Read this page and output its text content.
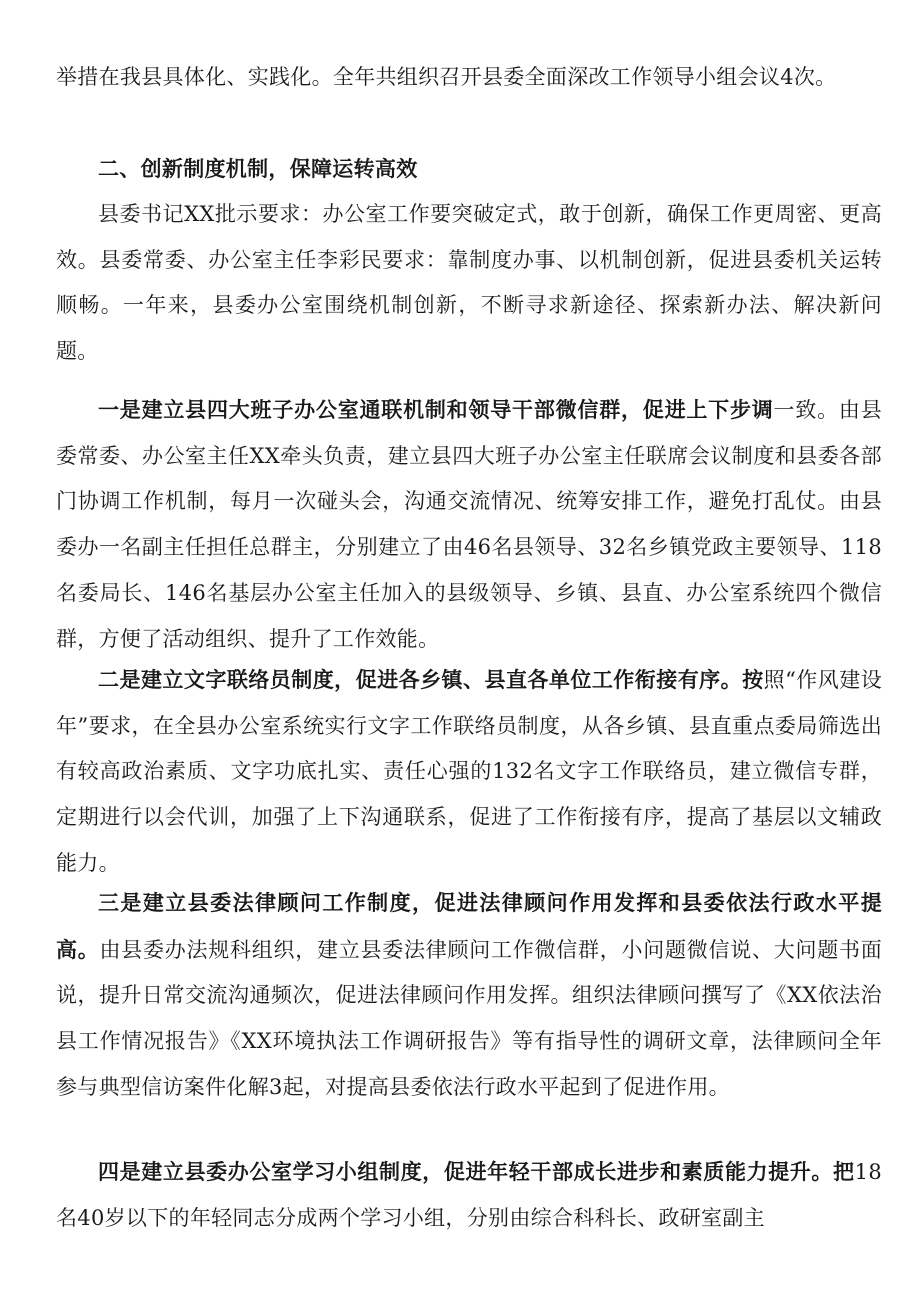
举措在我县具体化、实践化。全年共组织召开县委全面深改工作领导小组会议4次。

二、创新制度机制，保障运转高效

县委书记XX批示要求：办公室工作要突破定式，敢于创新，确保工作更周密、更高效。县委常委、办公室主任李彩民要求：靠制度办事、以机制创新，促进县委机关运转顺畅。一年来，县委办公室围绕机制创新，不断寻求新途径、探索新办法、解决新问题。

一是建立县四大班子办公室通联机制和领导干部微信群，促进上下步调一致。由县委常委、办公室主任XX牵头负责，建立县四大班子办公室主任联席会议制度和县委各部门协调工作机制，每月一次碰头会，沟通交流情况、统筹安排工作，避免打乱仗。由县委办一名副主任担任总群主，分别建立了由46名县领导、32名乡镇党政主要领导、118名委局长、146名基层办公室主任加入的县级领导、乡镇、县直、办公室系统四个微信群，方便了活动组织、提升了工作效能。

二是建立文字联络员制度，促进各乡镇、县直各单位工作衔接有序。按照“作风建设年”要求，在全县办公室系统实行文字工作联络员制度，从各乡镇、县直重点委局筛选出有较高政治素质、文字功底扎实、责任心强的132名文字工作联络员，建立微信专群，定期进行以会代训，加强了上下沟通联系，促进了工作衔接有序，提高了基层以文辅政能力。

三是建立县委法律顾问工作制度，促进法律顾问作用发挥和县委依法行政水平提高。由县委办法规科组织，建立县委法律顾问工作微信群，小问题微信说、大问题书面说，提升日常交流沟通频次，促进法律顾问作用发挥。组织法律顾问撰写了《XX依法治县工作情况报告》《XX环境执法工作调研报告》等有指导性的调研文章，法律顾问全年参与典型信访案件化解3起，对提高县委依法行政水平起到了促进作用。

四是建立县委办公室学习小组制度，促进年轻干部成长进步和素质能力提升。把18名40岁以下的年轻同志分成两个学习小组，分别由综合科科长、政研室副主
